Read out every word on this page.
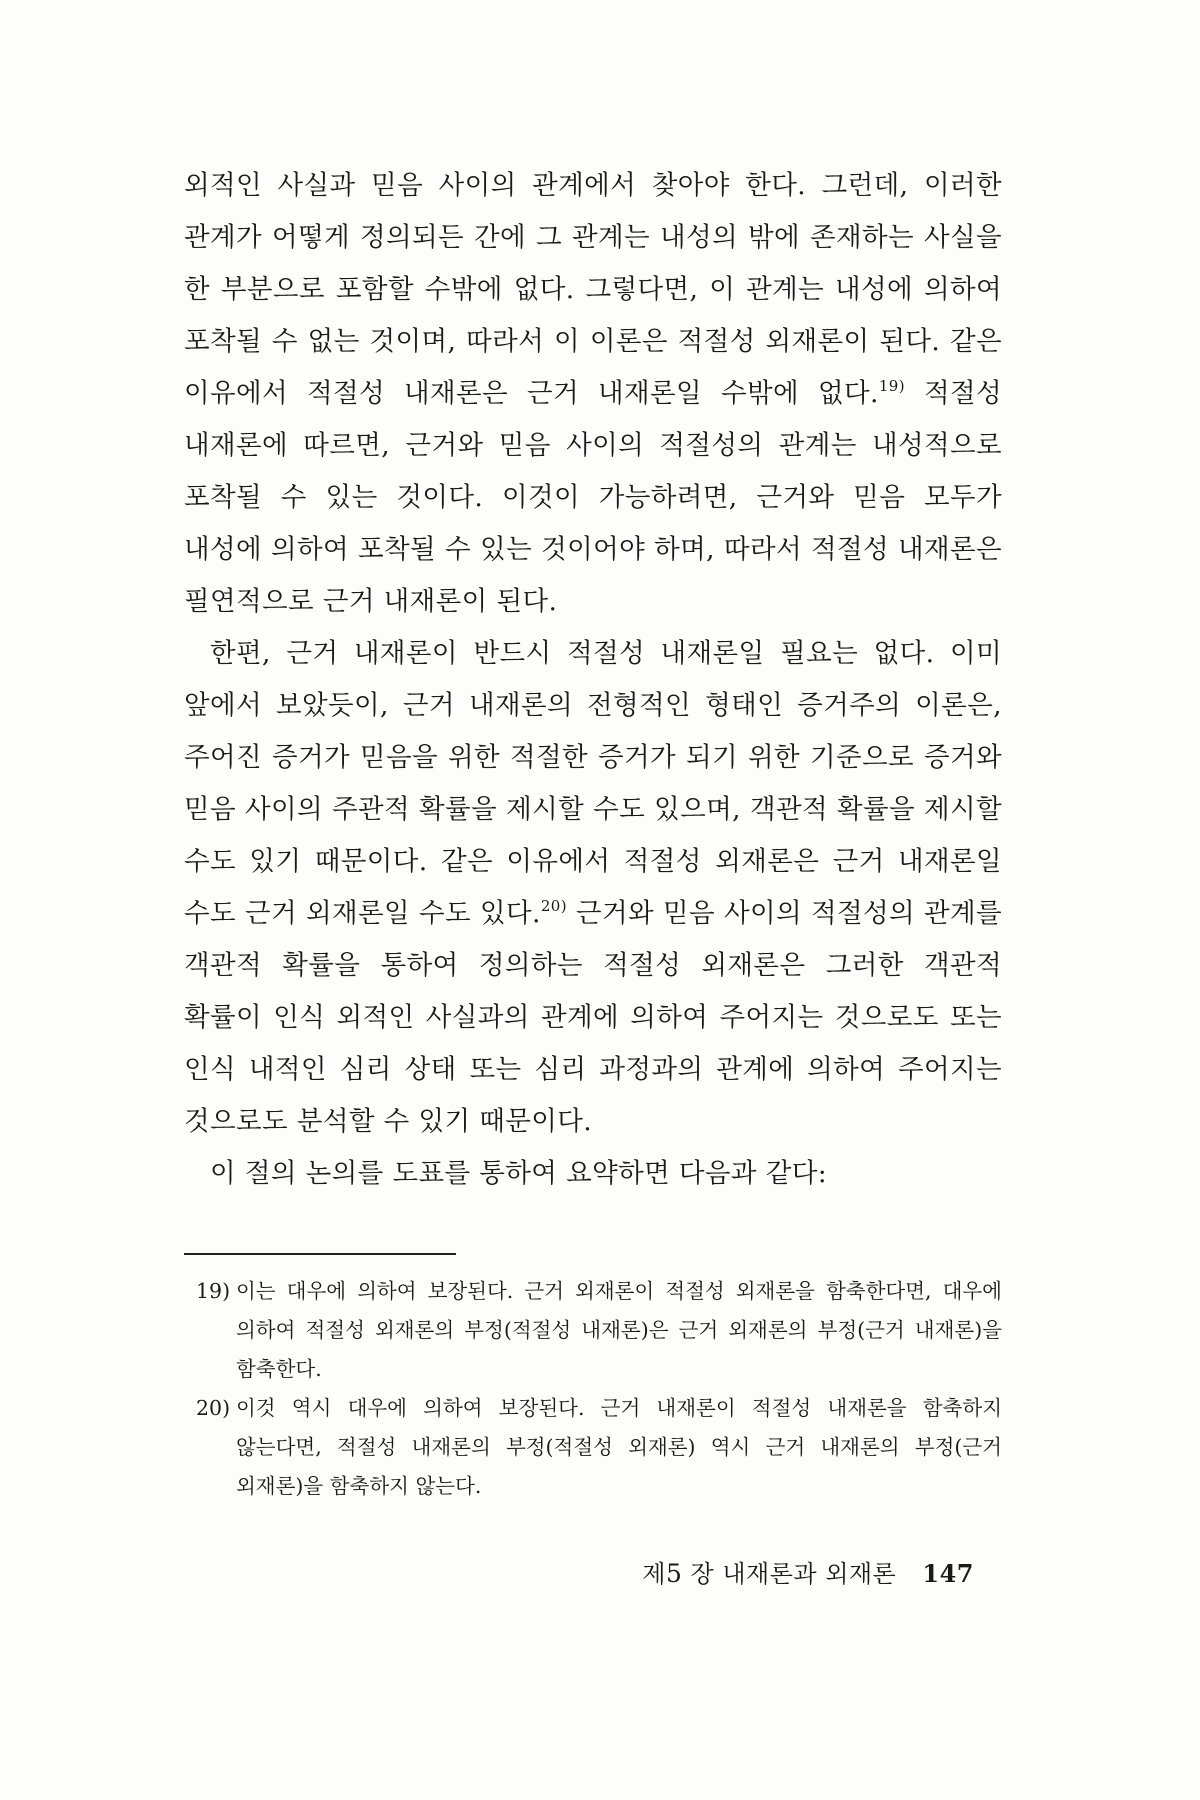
외적인 사실과 믿음 사이의 관계에서 찾아야 한다. 그런데, 이러한 관계가 어떻게 정의되든 간에 그 관계는 내성의 밖에 존재하는 사실을 한 부분으로 포함할 수밖에 없다. 그렇다면, 이 관계는 내성에 의하여 포착될 수 없는 것이며, 따라서 이 이론은 적절성 외재론이 된다. 같은 이유에서 적절성 내재론은 근거 내재론일 수밖에 없다.$^{19)}$ 적절성 내재론에 따르면, 근거와 믿음 사이의 적절성의 관계는 내성적으로 포착될 수 있는 것이다. 이것이 가능하려면, 근거와 믿음 모두가 내성에 의하여 포착될 수 있는 것이어야 하며, 따라서 적절성 내재론은 필연적으로 근거 내재론이 된다.

한편, 근거 내재론이 반드시 적절성 내재론일 필요는 없다. 이미 앞에서 보았듯이, 근거 내재론의 전형적인 형태인 증거주의 이론은, 주어진 증거가 믿음을 위한 적절한 증거가 되기 위한 기준으로 증거와 믿음 사이의 주관적 확률을 제시할 수도 있으며, 객관적 확률을 제시할 수도 있기 때문이다. 같은 이유에서 적절성 외재론은 근거 내재론일 수도 근거 외재론일 수도 있다.$^{20)}$ 근거와 믿음 사이의 적절성의 관계를 객관적 확률을 통하여 정의하는 적절성 외재론은 그러한 객관적 확률이 인식 외적인 사실과의 관계에 의하여 주어지는 것으로도 또는 인식 내적인 심리 상태 또는 심리 과정과의 관계에 의하여 주어지는 것으로도 분석할 수 있기 때문이다.

이 절의 논의를 도표를 통하여 요약하면 다음과 같다:

19) 이는 대우에 의하여 보장된다. 근거 외재론이 적절성 외재론을 함축한다면, 대우에 의하여 적절성 외재론의 부정(적절성 내재론)은 근거 외재론의 부정(근거 내재론)을 함축한다.
20) 이것 역시 대우에 의하여 보장된다. 근거 내재론이 적절성 내재론을 함축하지 않는다면, 적절성 내재론의 부정(적절성 외재론) 역시 근거 내재론의 부정(근거 외재론)을 함축하지 않는다.
제5 장 내재론과 외재론 147
